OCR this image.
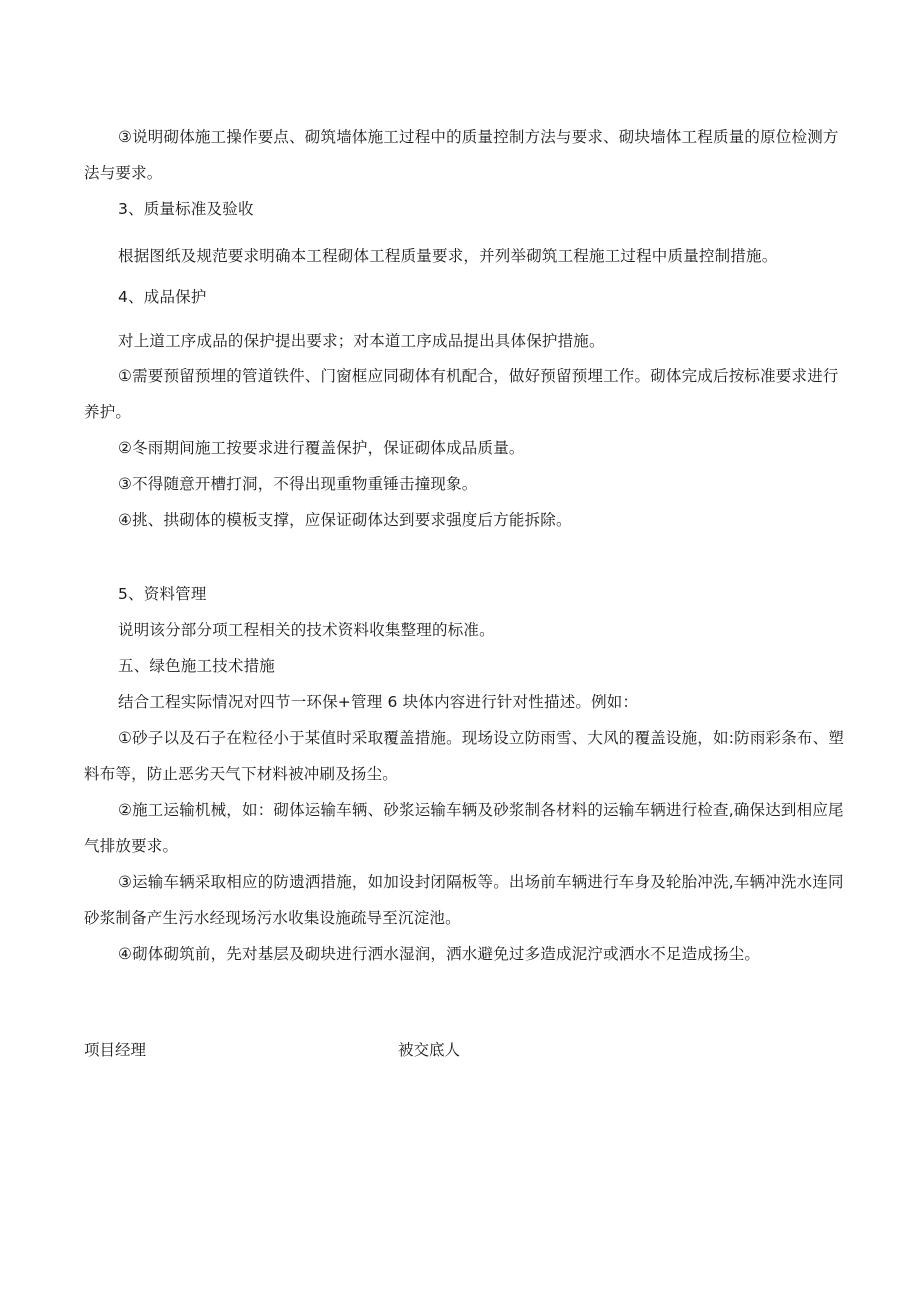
③说明砌体施工操作要点、砌筑墙体施工过程中的质量控制方法与要求、砌块墙体工程质量的原位检测方法与要求。

3、质量标准及验收

根据图纸及规范要求明确本工程砌体工程质量要求，并列举砌筑工程施工过程中质量控制措施。

4、成品保护

对上道工序成品的保护提出要求；对本道工序成品提出具体保护措施。

①需要预留预埋的管道铁件、门窗框应同砌体有机配合，做好预留预埋工作。砌体完成后按标准要求进行养护。

②冬雨期间施工按要求进行覆盖保护，保证砌体成品质量。

③不得随意开槽打洞，不得出现重物重锤击撞现象。

④挑、拱砌体的模板支撑，应保证砌体达到要求强度后方能拆除。

5、资料管理

说明该分部分项工程相关的技术资料收集整理的标准。

五、绿色施工技术措施

结合工程实际情况对四节一环保+管理 6 块体内容进行针对性描述。例如：

①砂子以及石子在粒径小于某值时采取覆盖措施。现场设立防雨雪、大风的覆盖设施，如:防雨彩条布、塑料布等，防止恶劣天气下材料被冲刷及扬尘。

②施工运输机械，如：砌体运输车辆、砂浆运输车辆及砂浆制各材料的运输车辆进行检查,确保达到相应尾气排放要求。

③运输车辆采取相应的防遗洒措施，如加设封闭隔板等。出场前车辆进行车身及轮胎冲洗,车辆冲洗水连同砂浆制备产生污水经现场污水收集设施疏导至沉淀池。

④砌体砌筑前，先对基层及砌块进行洒水湿润，洒水避免过多造成泥泞或洒水不足造成扬尘。

项目经理	被交底人
